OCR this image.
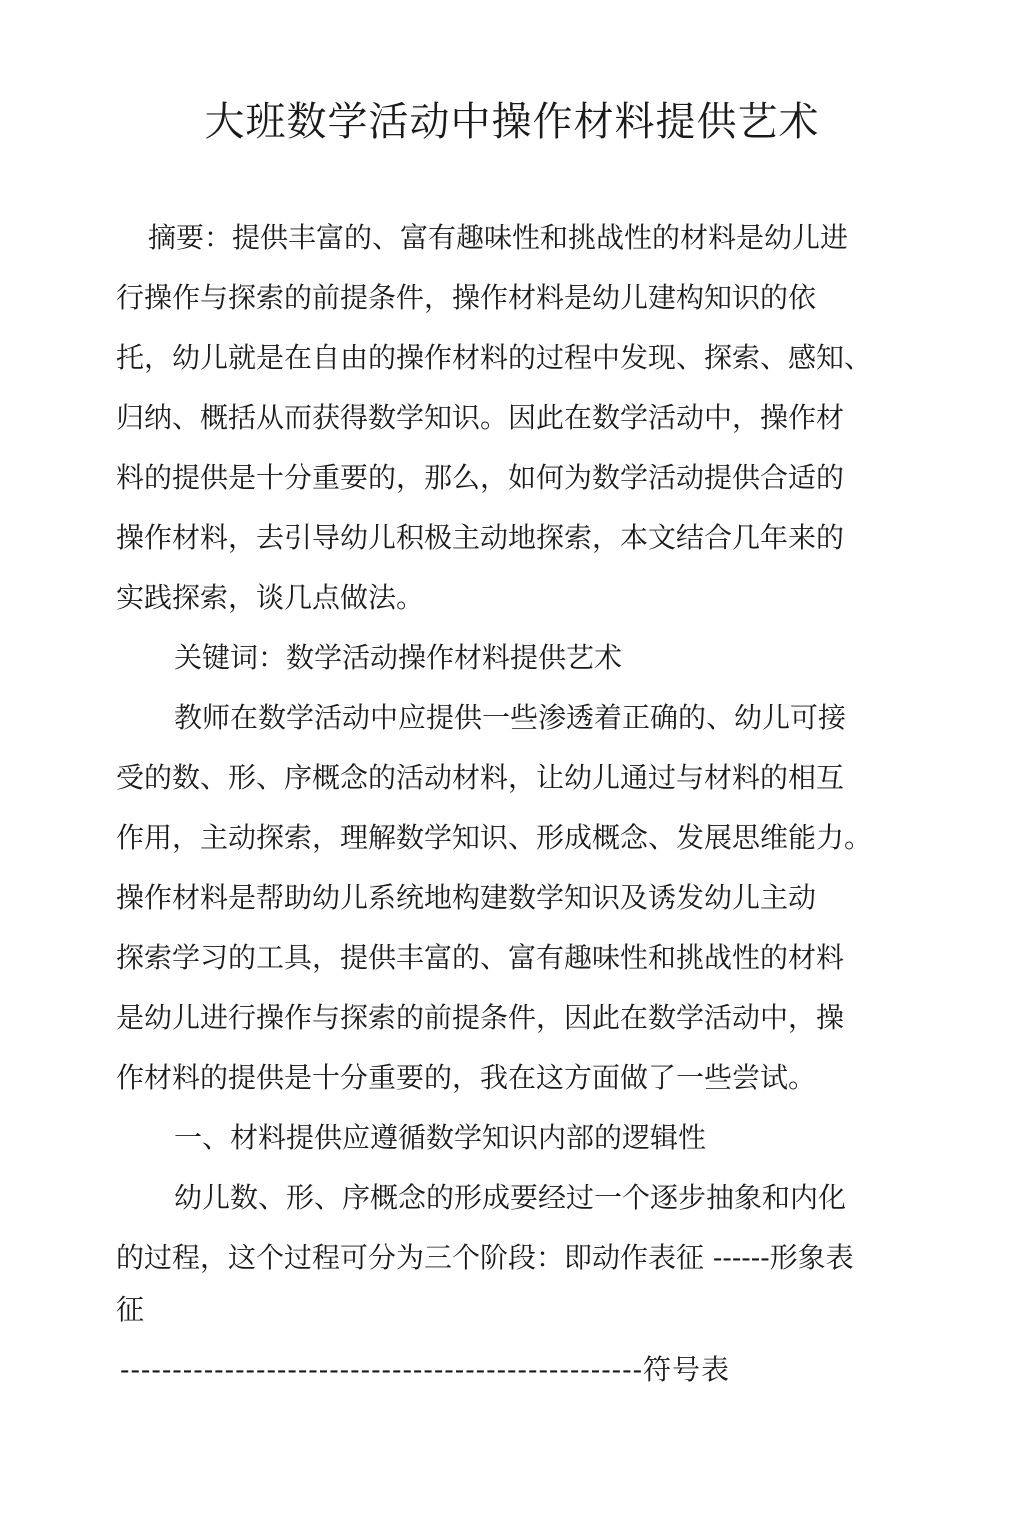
大班数学活动中操作材料提供艺术
摘要：提供丰富的、富有趣味性和挑战性的材料是幼儿进
行操作与探索的前提条件，操作材料是幼儿建构知识的依
托，幼儿就是在自由的操作材料的过程中发现、探索、感知、
归纳、概括从而获得数学知识。因此在数学活动中，操作材
料的提供是十分重要的，那么，如何为数学活动提供合适的
操作材料，去引导幼儿积极主动地探索，本文结合几年来的
实践探索，谈几点做法。
关键词：数学活动操作材料提供艺术
教师在数学活动中应提供一些渗透着正确的、幼儿可接
受的数、形、序概念的活动材料，让幼儿通过与材料的相互
作用，主动探索，理解数学知识、形成概念、发展思维能力。
操作材料是帮助幼儿系统地构建数学知识及诱发幼儿主动
探索学习的工具，提供丰富的、富有趣味性和挑战性的材料
是幼儿进行操作与探索的前提条件，因此在数学活动中，操
作材料的提供是十分重要的，我在这方面做了一些尝试。
一、材料提供应遵循数学知识内部的逻辑性
幼儿数、形、序概念的形成要经过一个逐步抽象和内化
的过程，这个过程可分为三个阶段：即动作表征 ------形象表
征
--------------------------------------------------符号表
